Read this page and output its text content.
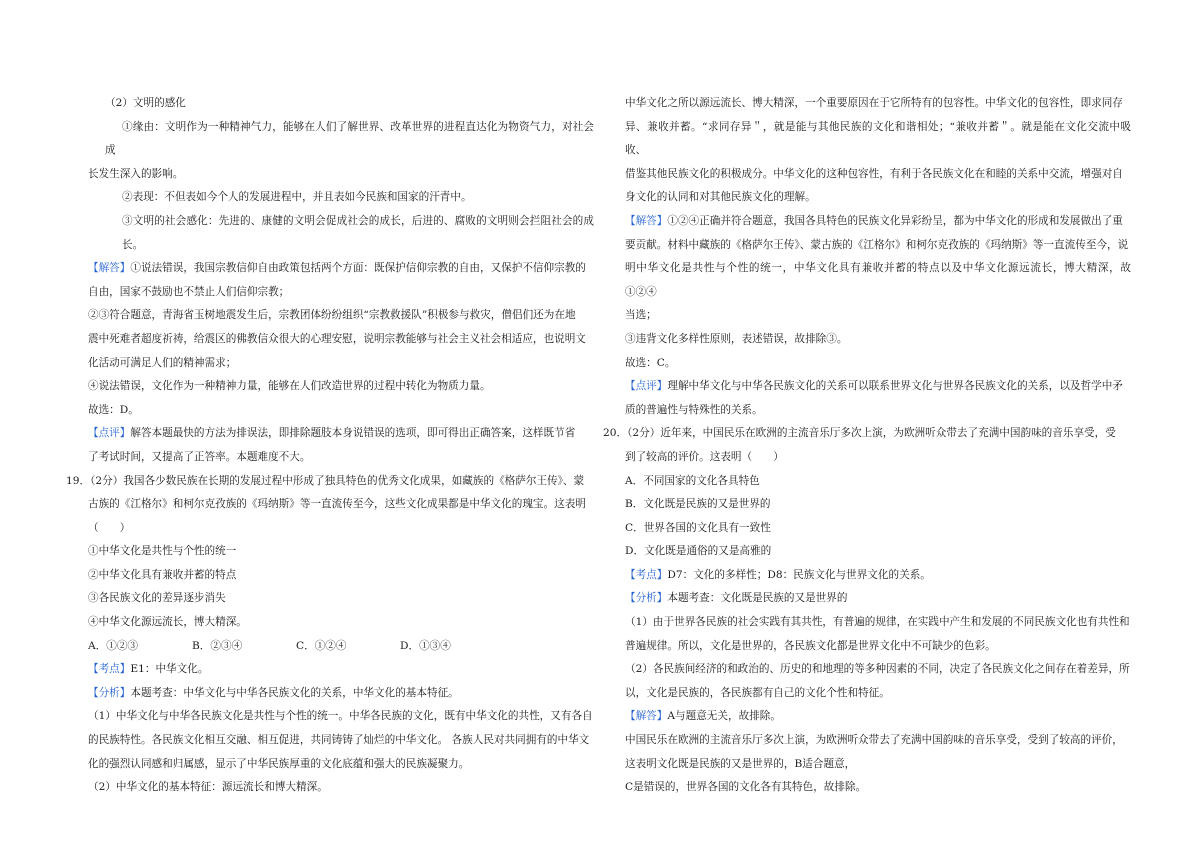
（2）文明的感化

①缘由：文明作为一种精神气力，能够在人们了解世界、改革世界的进程直达化为物资气力，对社会成

长发生深入的影响。

②表现：不但表如今个人的发展进程中，并且表如今民族和国家的汗青中。

③文明的社会感化：先进的、康健的文明会促成社会的成长，后进的、腐败的文明则会拦阻社会的成长。

【解答】①说法错误，我国宗教信仰自由政策包括两个方面：既保护信仰宗教的自由，又保护不信仰宗教的

自由，国家不鼓励也不禁止人们信仰宗教；

②③符合题意，青海省玉树地震发生后，宗教团体纷纷组织“宗教救援队”积极参与救灾，僧侣们还为在地

震中死难者超度祈祷，给震区的佛教信众很大的心理安慰，说明宗教能够与社会主义社会相适应，也说明文

化活动可满足人们的精神需求；

④说法错误，文化作为一种精神力量，能够在人们改造世界的过程中转化为物质力量。

故选：D。

【点评】解答本题最快的方法为排误法，即排除题肢本身说错误的选项，即可得出正确答案，这样既节省

了考试时间，又提高了正答率。本题难度不大。

19．（2分）我国各少数民族在长期的发展过程中形成了独具特色的优秀文化成果，如藏族的《格萨尔王传》、蒙

古族的《江格尔》和柯尔克孜族的《玛纳斯》等一直流传至今，这些文化成果都是中华文化的瑰宝。这表明

（　　）

①中华文化是共性与个性的统一

②中华文化具有兼收并蓄的特点

③各民族文化的差异逐步消失

④中华文化源远流长，博大精深。

A．①②③	B．②③④	C．①②④	D．①③④

【考点】E1：中华文化。

【分析】本题考查：中华文化与中华各民族文化的关系，中华文化的基本特征。

（1）中华文化与中华各民族文化是共性与个性的统一。中华各民族的文化，既有中华文化的共性，又有各自

的民族特性。各民族文化相互交融、相互促进，共同铸铸了灿烂的中华文化。 各族人民对共同拥有的中华文

化的强烈认同感和归属感，显示了中华民族厚重的文化底蕴和强大的民族凝聚力。

（2）中华文化的基本特征：源远流长和博大精深。

中华文化之所以源远流长、博大精深，一个重要原因在于它所特有的包容性。中华文化的包容性，即求同存

异、兼收并蓄。“求同存异＂，就是能与其他民族的文化和谐相处；“兼收并蓄＂。就是能在文化交流中吸收、

借鉴其他民族文化的积极成分。中华文化的这种包容性，有利于各民族文化在和睦的关系中交流，增强对自

身文化的认同和对其他民族文化的理解。

【解答】①②④正确并符合题意，我国各具特色的民族文化异彩纷呈，都为中华文化的形成和发展做出了重

要贡献。材料中藏族的《格萨尔王传》、蒙古族的《江格尔》和柯尔克孜族的《玛纳斯》等一直流传至今，说

明中华文化是共性与个性的统一，中华文化具有兼收并蓄的特点以及中华文化源远流长，博大精深，故①②④

当选；

③违背文化多样性原则，表述错误，故排除③。

故选：C。

【点评】理解中华文化与中华各民族文化的关系可以联系世界文化与世界各民族文化的关系，以及哲学中矛

质的普遍性与特殊性的关系。

20．（2分）近年来，中国民乐在欧洲的主流音乐厅多次上演，为欧洲听众带去了充满中国韵味的音乐享受，受

到了较高的评价。这表明（　　）

A．不同国家的文化各具特色

B．文化既是民族的又是世界的

C．世界各国的文化具有一致性

D．文化既是通俗的又是高雅的

【考点】D7：文化的多样性；D8：民族文化与世界文化的关系。

【分析】本题考查：文化既是民族的又是世界的

（1）由于世界各民族的社会实践有其共性，有普遍的规律，在实践中产生和发展的不同民族文化也有共性和

普遍规律。所以，文化是世界的，各民族文化都是世界文化中不可缺少的色彩。

（2）各民族间经济的和政治的、历史的和地理的等多种因素的不同，决定了各民族文化之间存在着差异，所

以，文化是民族的，各民族都有自己的文化个性和特征。

【解答】A与题意无关，故排除。

中国民乐在欧洲的主流音乐厅多次上演，为欧洲听众带去了充满中国韵味的音乐享受，受到了较高的评价，

这表明文化既是民族的又是世界的，B适合题意，

C是错误的，世界各国的文化各有其特色，故排除。
